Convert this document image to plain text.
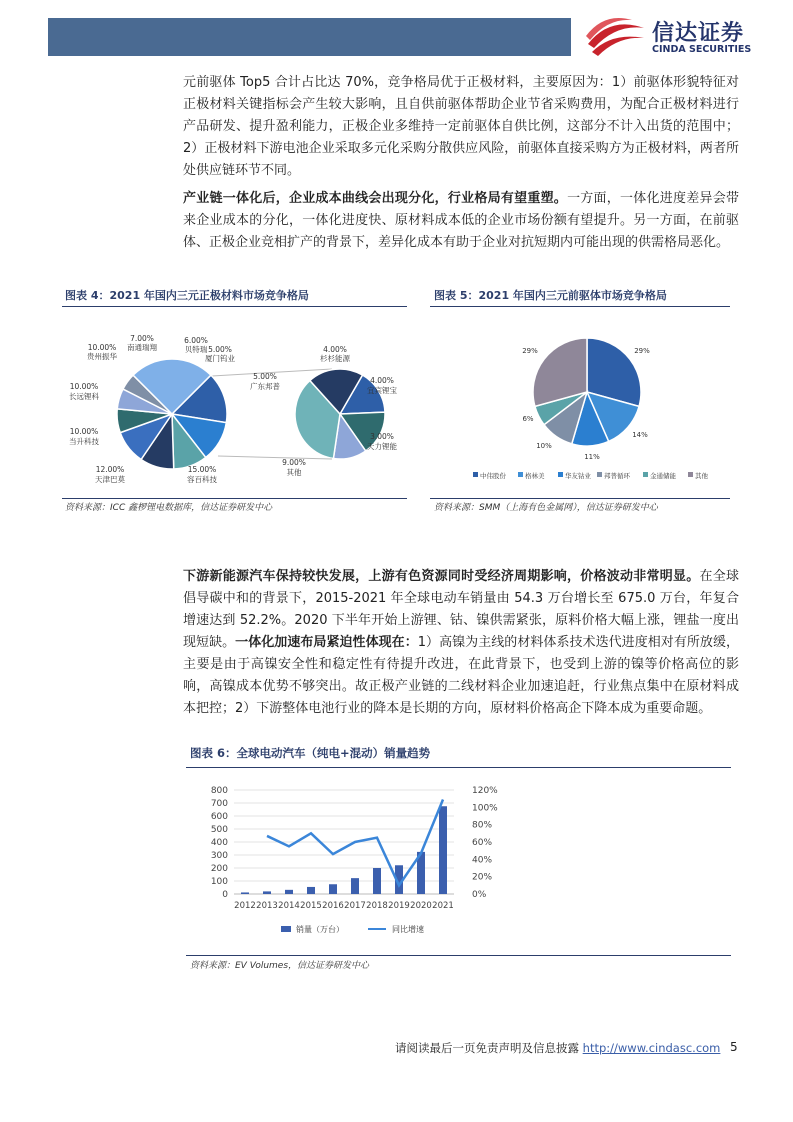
信达证券
CINDA SECURITIES

元前驱体 Top5 合计占比达 70%，竞争格局优于正极材料，主要原因为：1）前驱体形貌特征对正极材料关键指标会产生较大影响，且自供前驱体帮助企业节省采购费用，为配合正极材料进行产品研发、提升盈利能力，正极企业多维持一定前驱体自供比例，这部分不计入出货的范围中；2）正极材料下游电池企业采取多元化采购分散供应风险，前驱体直接采购方为正极材料，两者所处供应链环节不同。

产业链一体化后，企业成本曲线会出现分化，行业格局有望重塑。一方面，一体化进度差异会带来企业成本的分化，一体化进度快、原材料成本低的企业市场份额有望提升。另一方面，在前驱体、正极企业竞相扩产的背景下，差异化成本有助于企业对抗短期内可能出现的供需格局恶化。

图表 4：2021 年国内三元正极材料市场竞争格局
7.00%
南通瑞翔
6.00%
贝特瑞 5.00%
厦门钨业
10.00%
贵州振华
10.00%
长远锂科
10.00%
当升科技
12.00%
天津巴莫
15.00%
容百科技
4.00%
杉杉能源
4.00%
宜宾锂宝
3.00%
天力锂能
9.00%
其他
5.00%
广东邦普
资料来源：ICC 鑫椤锂电数据库，信达证券研发中心
图表 5：2021 年国内三元前驱体市场竞争格局
29%	29%
14%
11%
10%
6%
中伟股份	格林美	华友钴业 邦普循环	金通储能	其他
资料来源：SMM（上海有色金属网），信达证券研发中心

下游新能源汽车保持较快发展，上游有色资源同时受经济周期影响，价格波动非常明显。在全球倡导碳中和的背景下，2015-2021 年全球电动车销量由 54.3 万台增长至 675.0 万台，年复合增速达到 52.2%。2020 下半年开始上游锂、钴、镍供需紧张，原料价格大幅上涨，锂盐一度出现短缺。一体化加速布局紧迫性体现在：1）高镍为主线的材料体系技术迭代进度相对有所放缓，主要是由于高镍安全性和稳定性有待提升改进，在此背景下，也受到上游的镍等价格高位的影响，高镍成本优势不够突出。故正极产业链的二线材料企业加速追赶，行业焦点集中在原材料成本把控；2）下游整体电池行业的降本是长期的方向，原材料价格高企下降本成为重要命题。

图表 6：全球电动汽车（纯电+混动）销量趋势
0
100
200
300
400
500
600
700
800
0%
20%
40%
60%
80%
100%
120%
2012 2013 2014 2015 2016 2017 2018 2019 2020 2021
销量（万台）	同比增速
资料来源：EV Volumes，信达证券研发中心
请阅读最后一页免责声明及信息披露 http://www.cindasc.com 5
